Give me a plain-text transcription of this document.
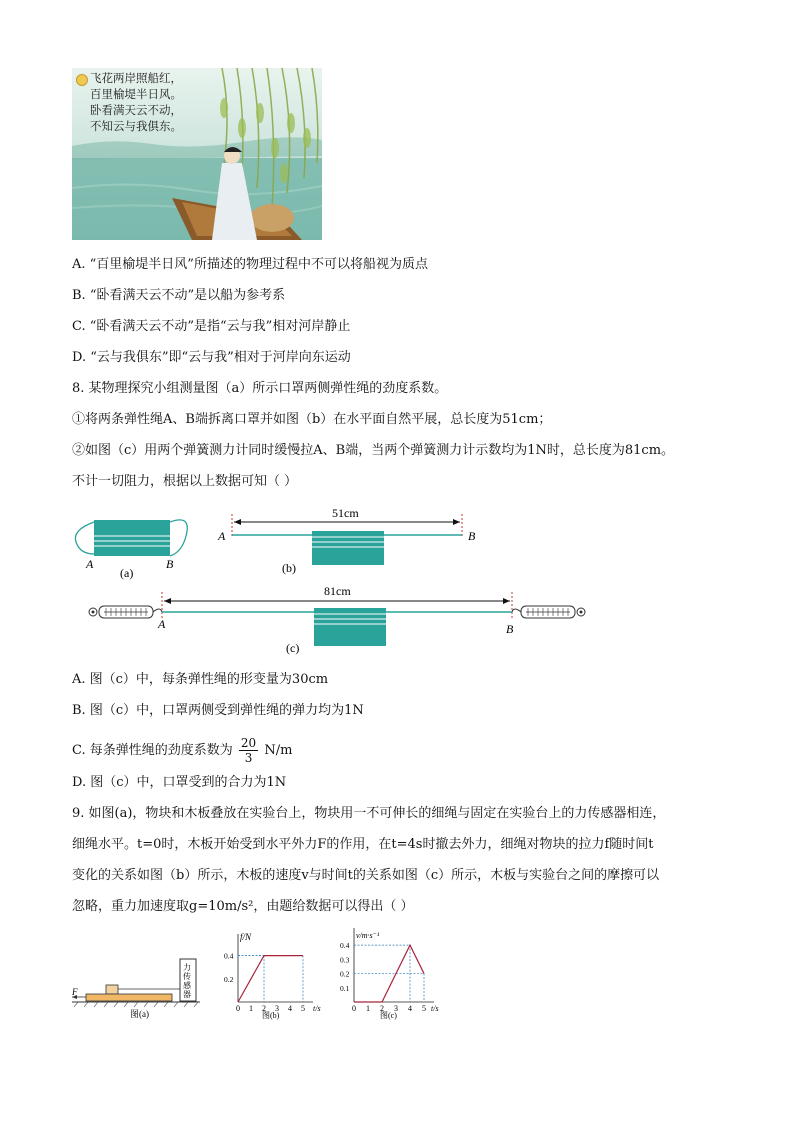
飞花两岸照船红，
百里榆堤半日风。
卧看满天云不动，
不知云与我俱东。
A. “百里榆堤半日风”所描述的物理过程中不可以将船视为质点
B. “卧看满天云不动”是以船为参考系
C. “卧看满天云不动”是指“云与我”相对河岸静止
D. “云与我俱东”即“云与我”相对于河岸向东运动
8. 某物理探究小组测量图（a）所示口罩两侧弹性绳的劲度系数。
①将两条弹性绳A、B端拆离口罩并如图（b）在水平面自然平展，总长度为51cm；
②如图（c）用两个弹簧测力计同时缓慢拉A、B端，当两个弹簧测力计示数均为1N时，总长度为81cm。
不计一切阻力，根据以上数据可知（ ）
A	B
(a)
51cm
A	B
(b)
81cm
A	B
(c)
A. 图（c）中，每条弹性绳的形变量为30cm
B. 图（c）中，口罩两侧受到弹性绳的弹力均为1N
C. 每条弹性绳的劲度系数为 $\frac{20}{3} N/m$
D. 图（c）中，口罩受到的合力为1N
9. 如图(a)，物块和木板叠放在实验台上，物块用一不可伸长的细绳与固定在实验台上的力传感器相连，
细绳水平。t=0时，木板开始受到水平外力F的作用，在t=4s时撤去外力，细绳对物块的拉力f随时间t
变化的关系如图（b）所示，木板的速度v与时间t的关系如图（c）所示，木板与实验台之间的摩擦可以
忽略，重力加速度取g=10m/s²，由题给数据可以得出（ ）
力
传
感
器
F
图(a)
0 1 2 3 4 5
0.2
0.4
f/N
t/s
图(b)
0 1 2 3 4 5
0.1
0.2
0.3
0.4
v/m·s⁻¹
t/s
图(c)
